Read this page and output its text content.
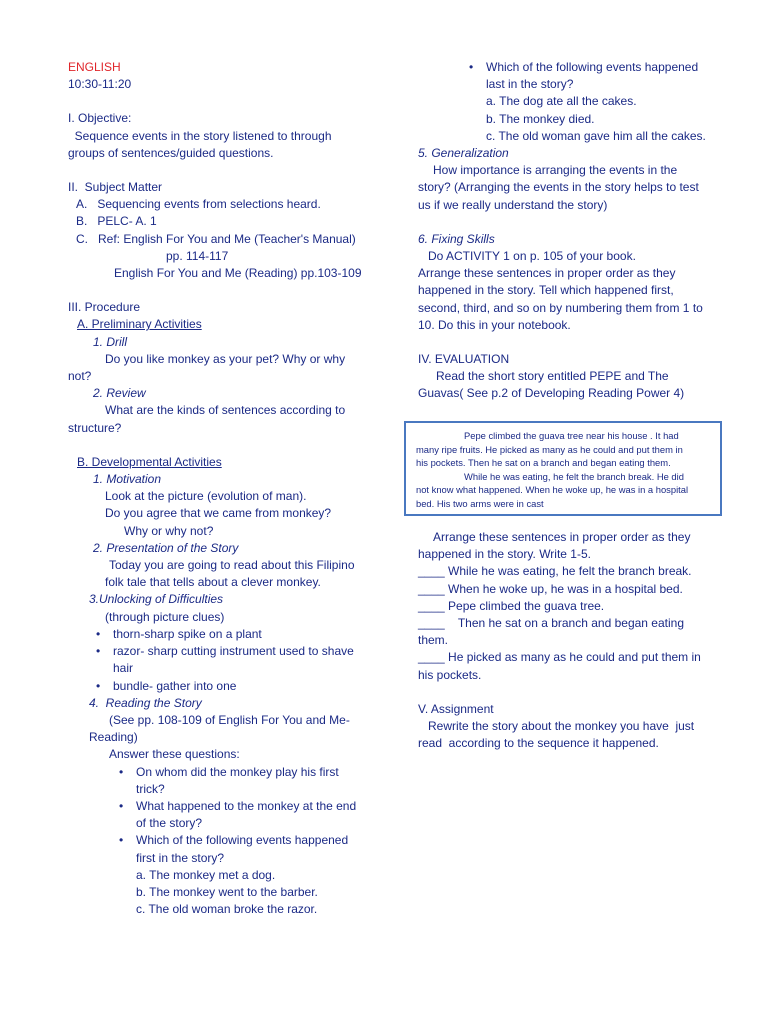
ENGLISH
10:30-11:20
I. Objective:
Sequence events in the story listened to through
groups of sentences/guided questions.
II.  Subject Matter
A.   Sequencing events from selections heard.
B.   PELC- A. 1
C.   Ref: English For You and Me (Teacher's Manual)
pp. 114-117
English For You and Me (Reading) pp.103-109
III. Procedure
A. Preliminary Activities
1. Drill
Do you like monkey as your pet? Why or why
not?
2. Review
What are the kinds of sentences according to
structure?
B. Developmental Activities
1. Motivation
Look at the picture (evolution of man).
Do you agree that we came from monkey?
Why or why not?
2. Presentation of the Story
Today you are going to read about this Filipino
folk tale that tells about a clever monkey.
3.Unlocking of Difficulties
(through picture clues)
• thorn-sharp spike on a plant
• razor- sharp cutting instrument used to shave
hair
• bundle- gather into one
4.  Reading the Story
(See pp. 108-109 of English For You and Me-
Reading)
Answer these questions:
• On whom did the monkey play his first
trick?
• What happened to the monkey at the end
of the story?
• Which of the following events happened
first in the story?
a. The monkey met a dog.
b. The monkey went to the barber.
c. The old woman broke the razor.
• Which of the following events happened
last in the story?
a. The dog ate all the cakes.
b. The monkey died.
c. The old woman gave him all the cakes.
5. Generalization
How importance is arranging the events in the
story? (Arranging the events in the story helps to test
us if we really understand the story)
6. Fixing Skills
Do ACTIVITY 1 on p. 105 of your book.
Arrange these sentences in proper order as they
happened in the story. Tell which happened first,
second, third, and so on by numbering them from 1 to
10. Do this in your notebook.
IV. EVALUATION
Read the short story entitled PEPE and The
Guavas( See p.2 of Developing Reading Power 4)
Pepe climbed the guava tree near his house . It had
many ripe fruits. He picked as many as he could and put them in
his pockets. Then he sat on a branch and began eating them.
While he was eating, he felt the branch break. He did
not know what happened. When he woke up, he was in a hospital
bed. His two arms were in cast
Arrange these sentences in proper order as they
happened in the story. Write 1-5.
____ While he was eating, he felt the branch break.
____ When he woke up, he was in a hospital bed.
____ Pepe climbed the guava tree.
____    Then he sat on a branch and began eating
them.
____ He picked as many as he could and put them in
his pockets.
V. Assignment
Rewrite the story about the monkey you have  just
read  according to the sequence it happened.
